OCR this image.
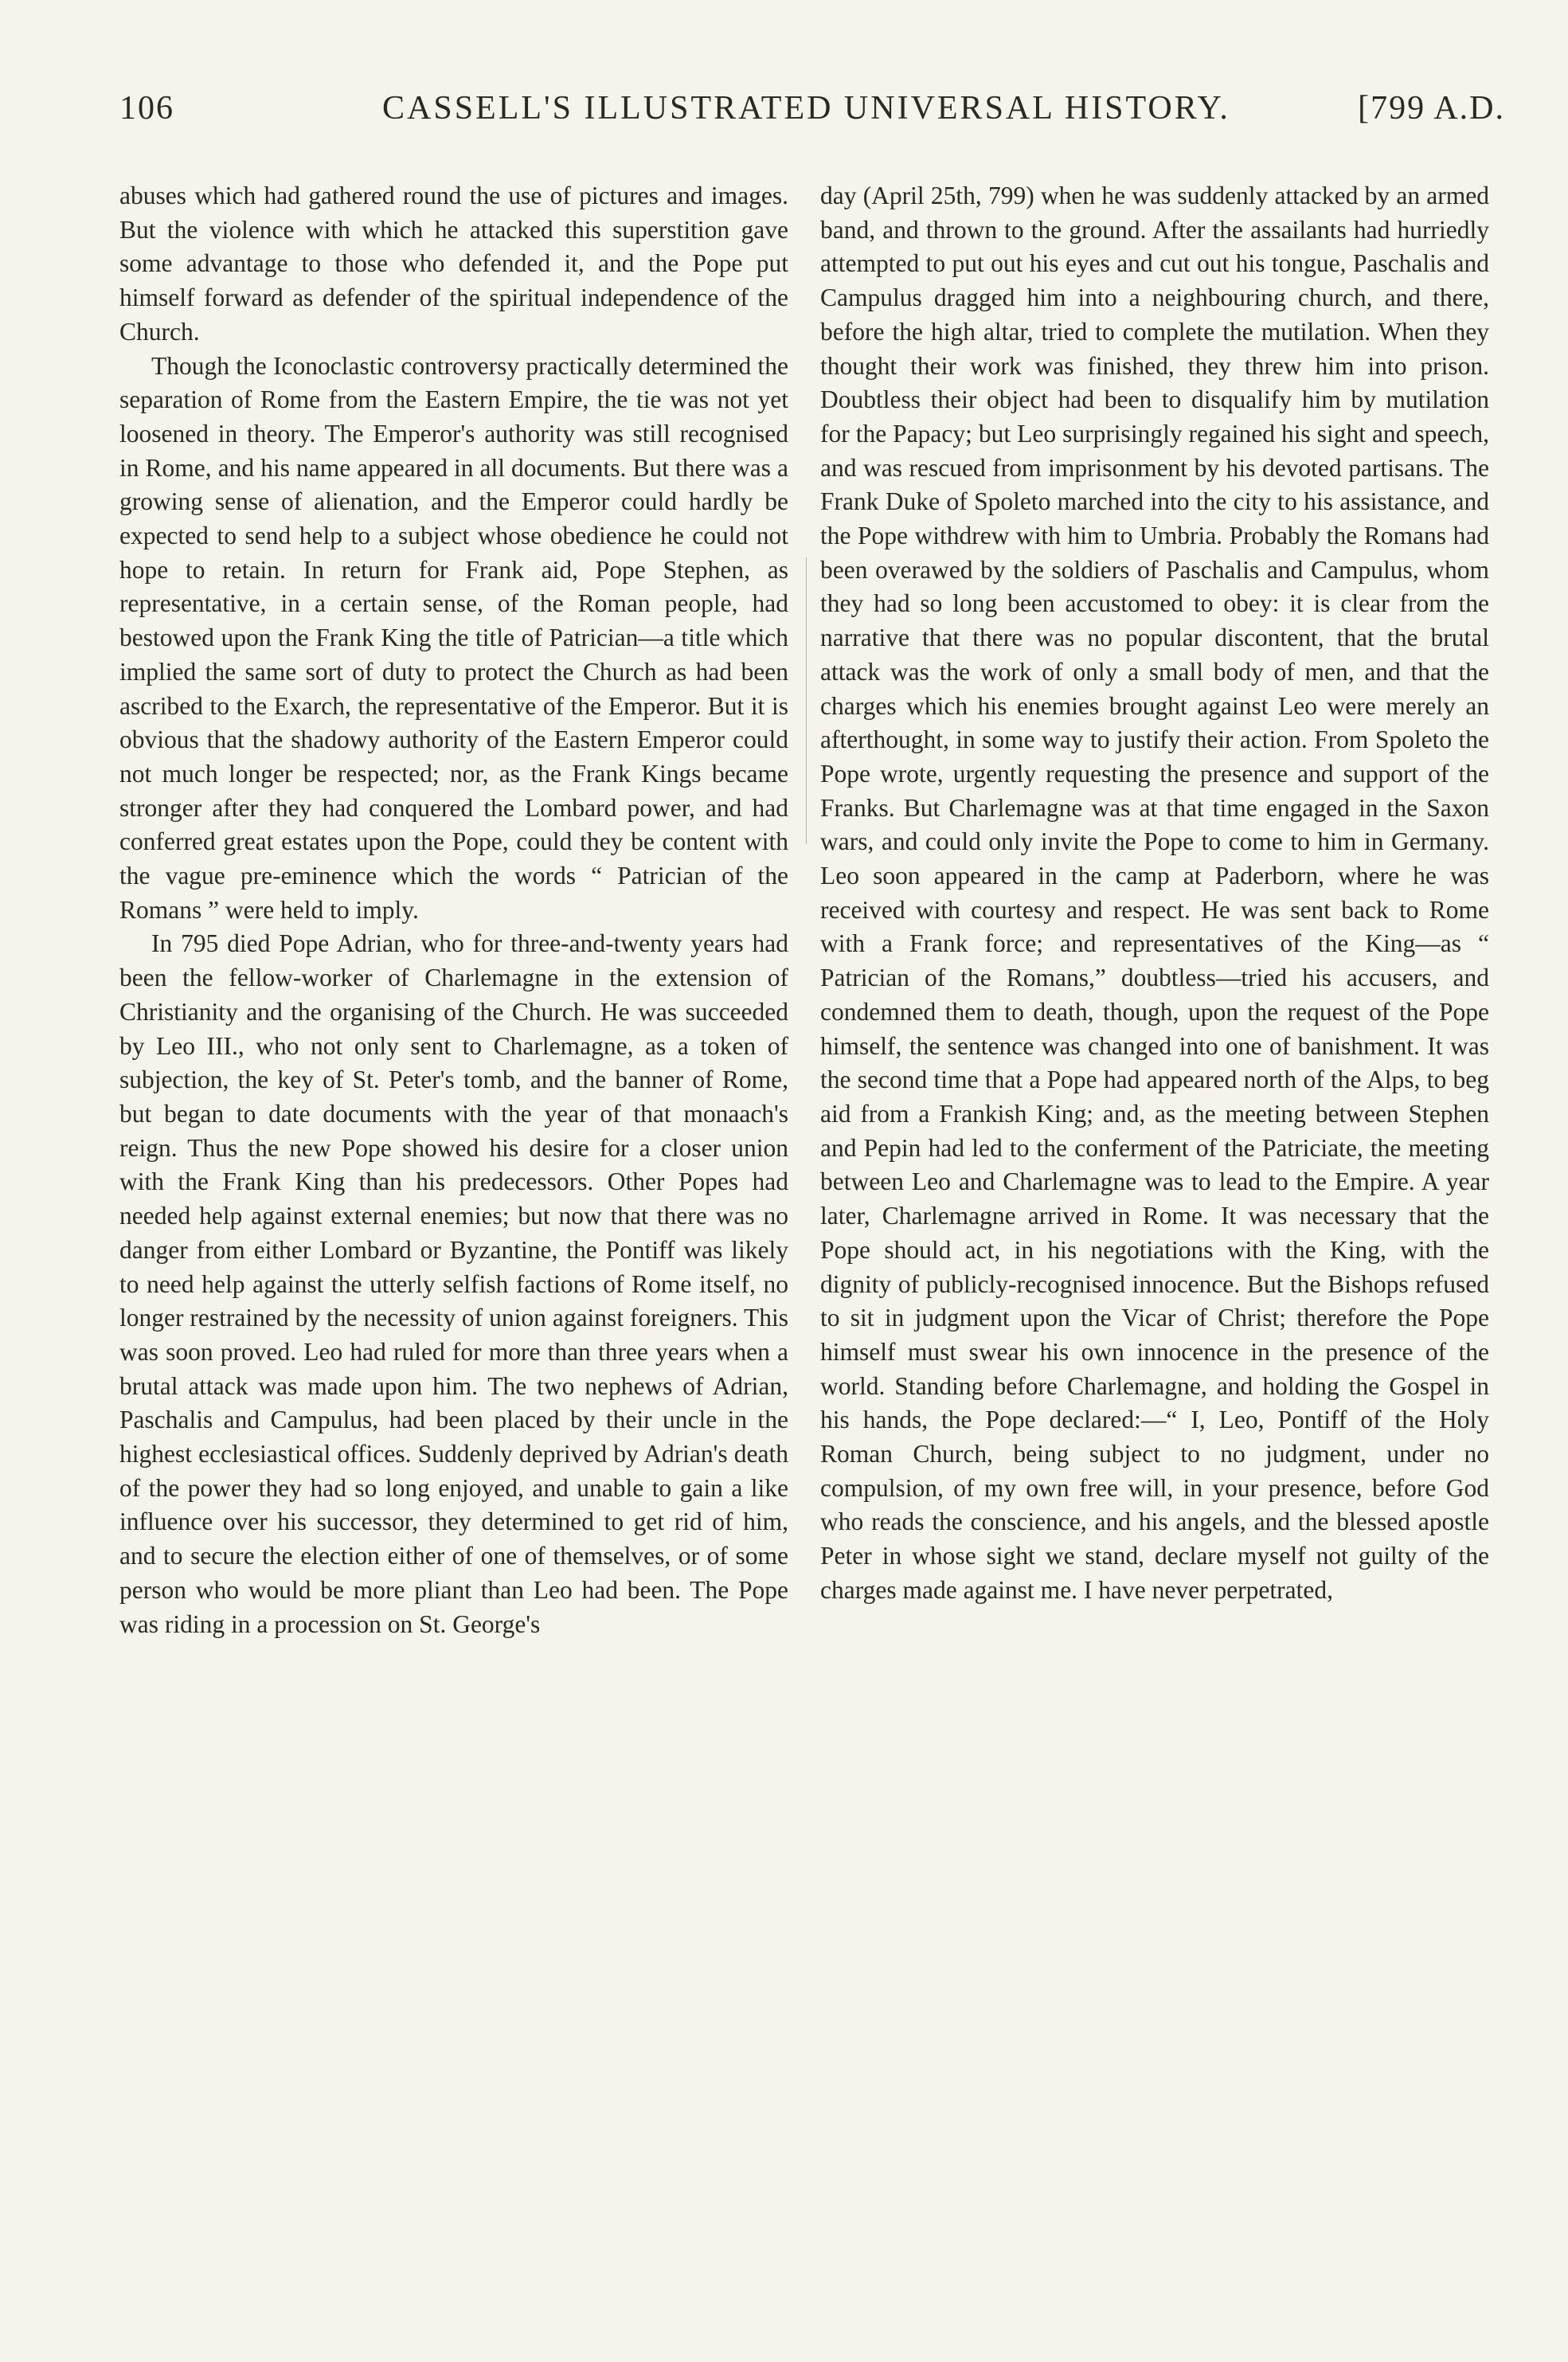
106	CASSELL'S ILLUSTRATED UNIVERSAL HISTORY.	[799 A.D.

abuses which had gathered round the use of pictures and images. But the violence with which he attacked this superstition gave some advantage to those who defended it, and the Pope put himself forward as defender of the spiritual independence of the Church.

Though the Iconoclastic controversy practically determined the separation of Rome from the Eastern Empire, the tie was not yet loosened in theory. The Emperor's authority was still recognised in Rome, and his name appeared in all documents. But there was a growing sense of alienation, and the Emperor could hardly be expected to send help to a subject whose obedience he could not hope to retain. In return for Frank aid, Pope Stephen, as representative, in a certain sense, of the Roman people, had bestowed upon the Frank King the title of Patrician—a title which implied the same sort of duty to protect the Church as had been ascribed to the Exarch, the representative of the Emperor. But it is obvious that the shadowy authority of the Eastern Emperor could not much longer be respected; nor, as the Frank Kings became stronger after they had conquered the Lombard power, and had conferred great estates upon the Pope, could they be content with the vague pre-eminence which the words “ Patrician of the Romans ” were held to imply.

In 795 died Pope Adrian, who for three-and-twenty years had been the fellow-worker of Charlemagne in the extension of Christianity and the organising of the Church. He was succeeded by Leo III., who not only sent to Charlemagne, as a token of subjection, the key of St. Peter's tomb, and the banner of Rome, but began to date documents with the year of that monaach's reign. Thus the new Pope showed his desire for a closer union with the Frank King than his predecessors. Other Popes had needed help against external enemies; but now that there was no danger from either Lombard or Byzantine, the Pontiff was likely to need help against the utterly selfish factions of Rome itself, no longer restrained by the necessity of union against foreigners. This was soon proved. Leo had ruled for more than three years when a brutal attack was made upon him. The two nephews of Adrian, Paschalis and Campulus, had been placed by their uncle in the highest ecclesiastical offices. Suddenly deprived by Adrian's death of the power they had so long enjoyed, and unable to gain a like influence over his successor, they determined to get rid of him, and to secure the election either of one of themselves, or of some person who would be more pliant than Leo had been. The Pope was riding in a procession on St. George's

day (April 25th, 799) when he was suddenly attacked by an armed band, and thrown to the ground. After the assailants had hurriedly attempted to put out his eyes and cut out his tongue, Paschalis and Campulus dragged him into a neighbouring church, and there, before the high altar, tried to complete the mutilation. When they thought their work was finished, they threw him into prison. Doubtless their object had been to disqualify him by mutilation for the Papacy; but Leo surprisingly regained his sight and speech, and was rescued from imprisonment by his devoted partisans. The Frank Duke of Spoleto marched into the city to his assistance, and the Pope withdrew with him to Umbria. Probably the Romans had been overawed by the soldiers of Paschalis and Campulus, whom they had so long been accustomed to obey: it is clear from the narrative that there was no popular discontent, that the brutal attack was the work of only a small body of men, and that the charges which his enemies brought against Leo were merely an afterthought, in some way to justify their action. From Spoleto the Pope wrote, urgently requesting the presence and support of the Franks. But Charlemagne was at that time engaged in the Saxon wars, and could only invite the Pope to come to him in Germany. Leo soon appeared in the camp at Paderborn, where he was received with courtesy and respect. He was sent back to Rome with a Frank force; and representatives of the King—as “ Patrician of the Romans,” doubtless—tried his accusers, and condemned them to death, though, upon the request of the Pope himself, the sentence was changed into one of banishment. It was the second time that a Pope had appeared north of the Alps, to beg aid from a Frankish King; and, as the meeting between Stephen and Pepin had led to the conferment of the Patriciate, the meeting between Leo and Charlemagne was to lead to the Empire. A year later, Charlemagne arrived in Rome. It was necessary that the Pope should act, in his negotiations with the King, with the dignity of publicly-recognised innocence. But the Bishops refused to sit in judgment upon the Vicar of Christ; therefore the Pope himself must swear his own innocence in the presence of the world. Standing before Charlemagne, and holding the Gospel in his hands, the Pope declared:—“ I, Leo, Pontiff of the Holy Roman Church, being subject to no judgment, under no compulsion, of my own free will, in your presence, before God who reads the conscience, and his angels, and the blessed apostle Peter in whose sight we stand, declare myself not guilty of the charges made against me. I have never perpetrated,
